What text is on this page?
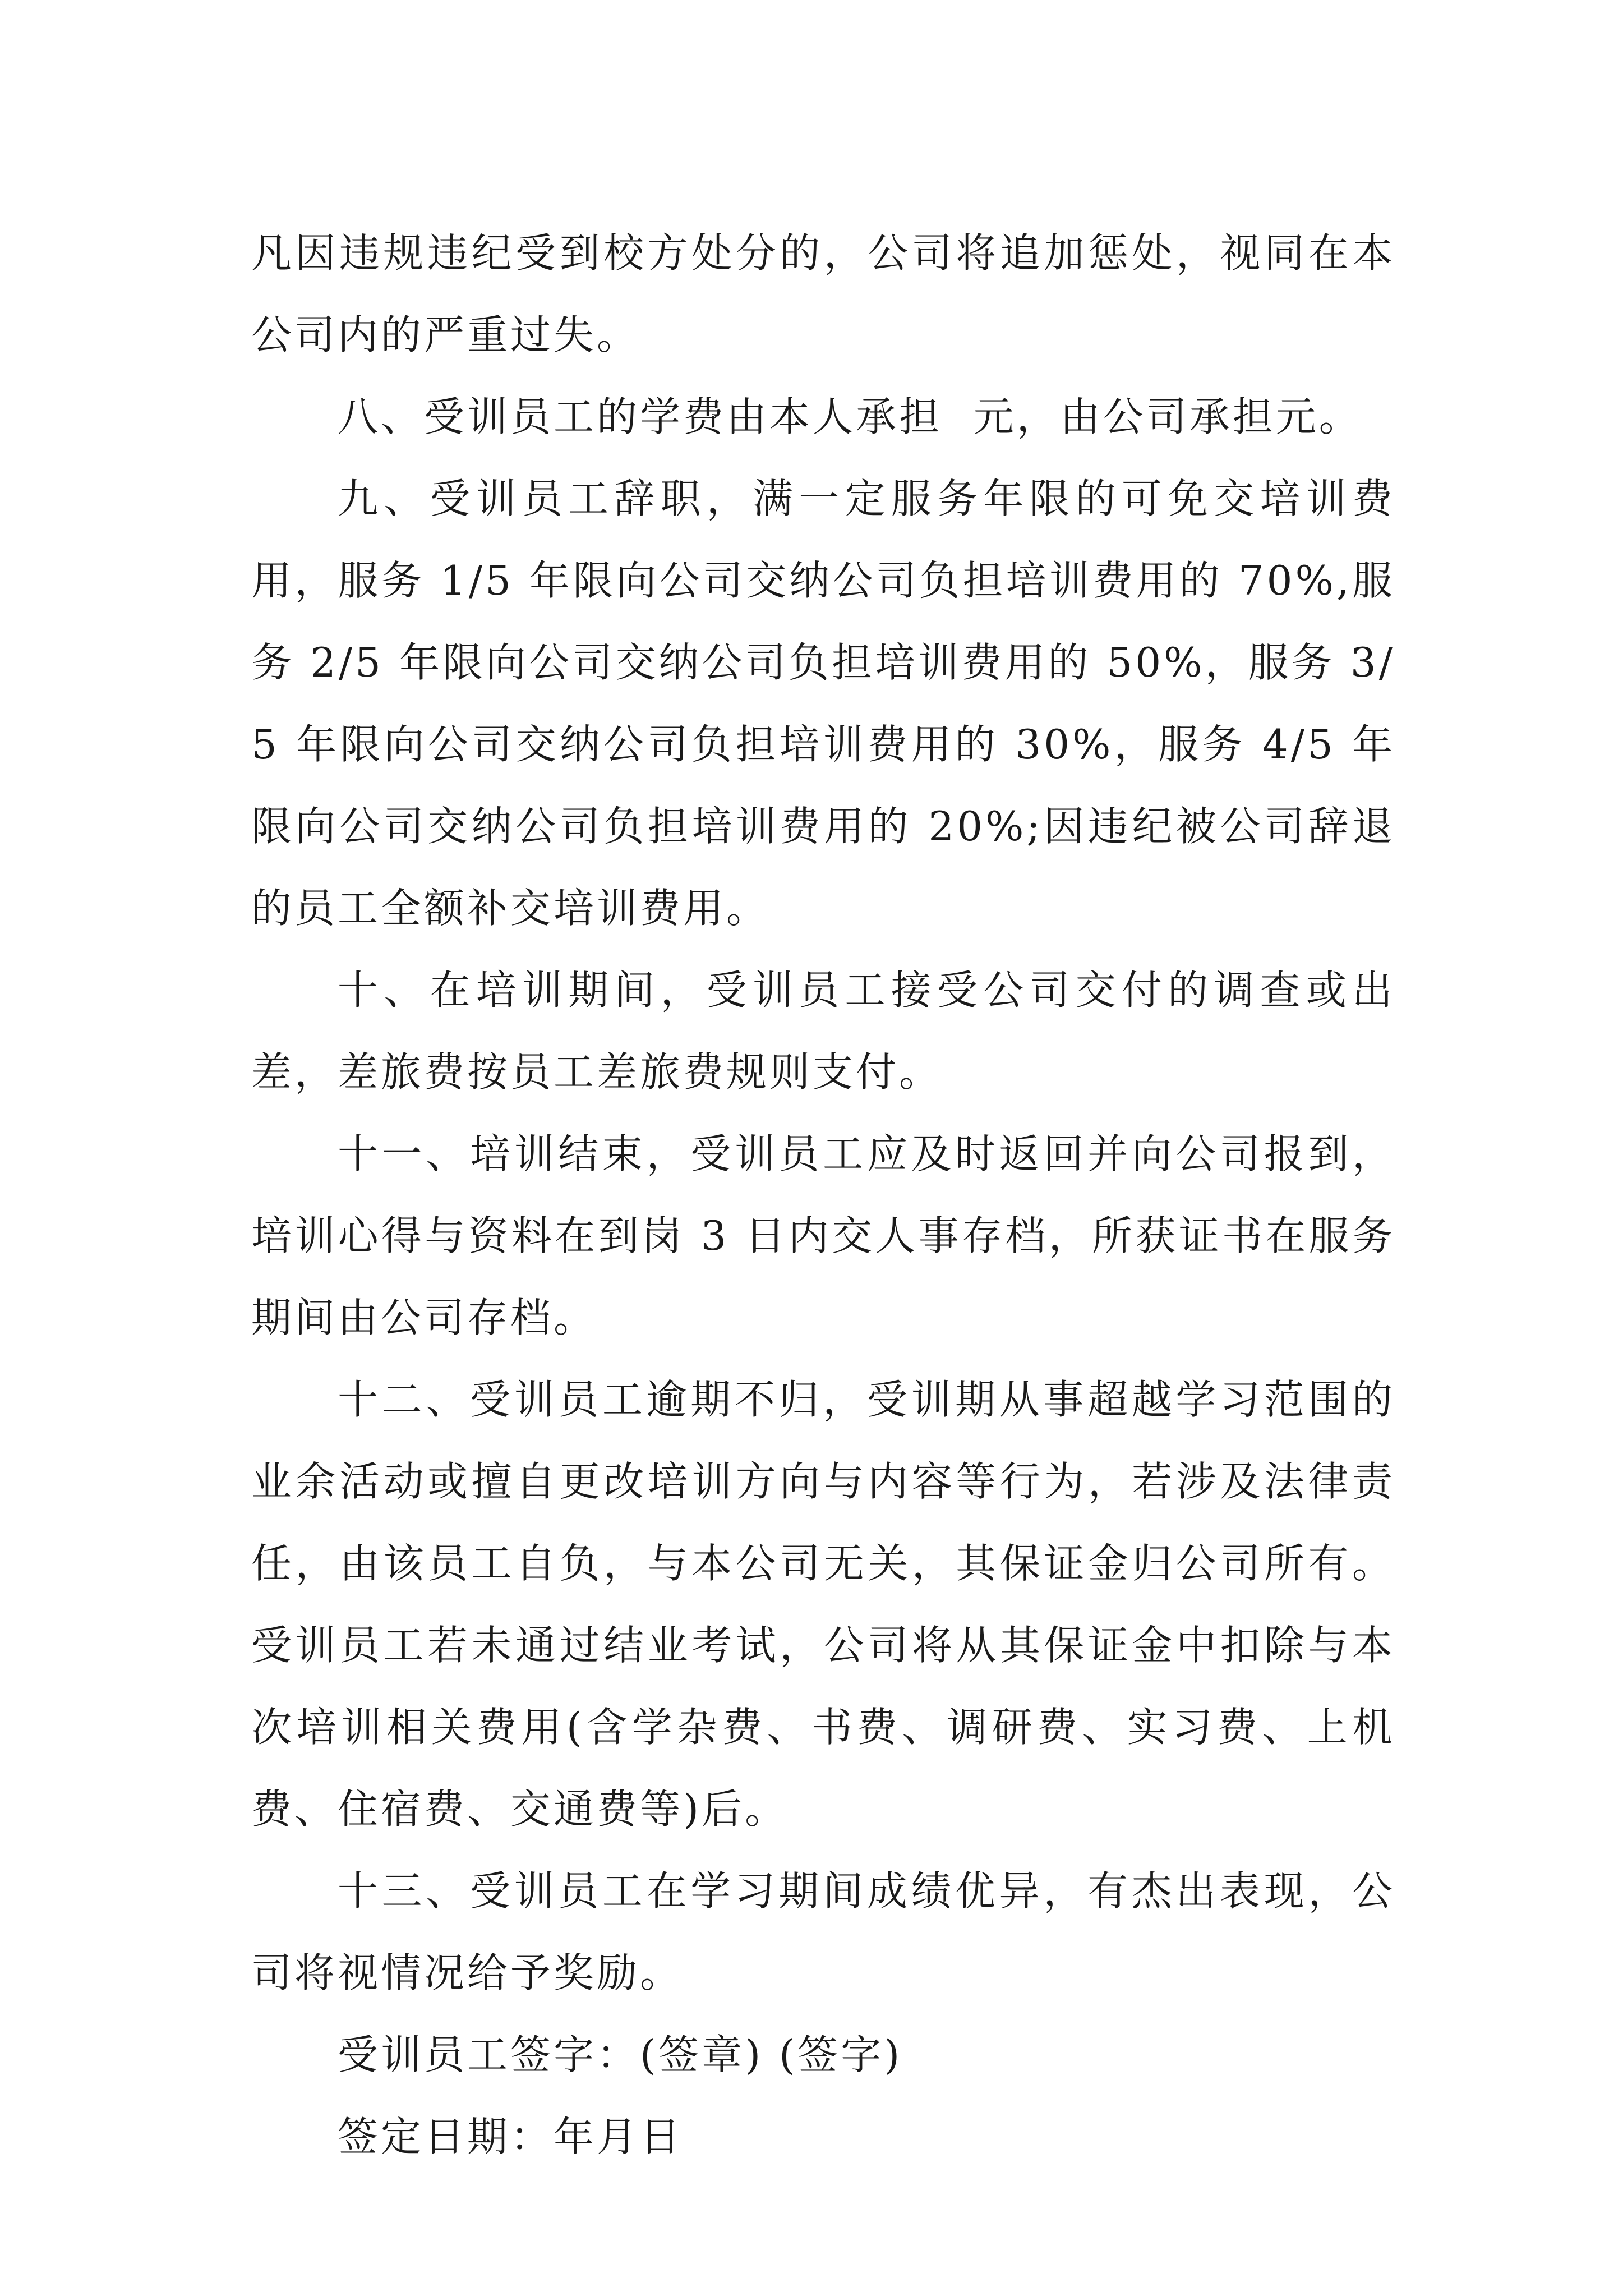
凡因违规违纪受到校方处分的，公司将追加惩处，视同在本公司内的严重过失。

八、受训员工的学费由本人承担  元，由公司承担元。

九、受训员工辞职，满一定服务年限的可免交培训费用，服务 1/5 年限向公司交纳公司负担培训费用的 70%,服务 2/5 年限向公司交纳公司负担培训费用的 50%，服务 3/5 年限向公司交纳公司负担培训费用的 30%，服务 4/5 年限向公司交纳公司负担培训费用的 20%;因违纪被公司辞退的员工全额补交培训费用。

十、在培训期间，受训员工接受公司交付的调查或出差，差旅费按员工差旅费规则支付。

十一、培训结束，受训员工应及时返回并向公司报到，培训心得与资料在到岗 3 日内交人事存档，所获证书在服务期间由公司存档。

十二、受训员工逾期不归，受训期从事超越学习范围的业余活动或擅自更改培训方向与内容等行为，若涉及法律责任，由该员工自负，与本公司无关，其保证金归公司所有。受训员工若未通过结业考试，公司将从其保证金中扣除与本次培训相关费用(含学杂费、书费、调研费、实习费、上机费、住宿费、交通费等)后。

十三、受训员工在学习期间成绩优异，有杰出表现，公司将视情况给予奖励。

受训员工签字：(签章) (签字)

签定日期：年月日
